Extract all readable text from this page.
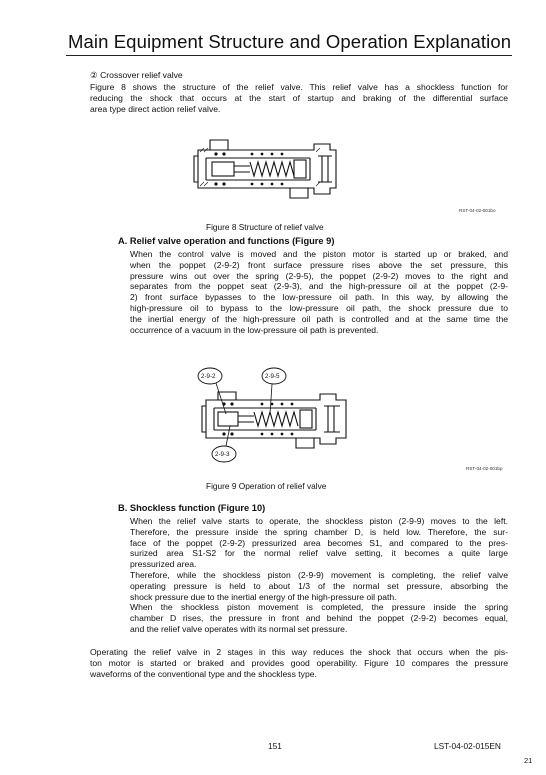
Main Equipment Structure and Operation Explanation
② Crossover relief valve

Figure 8 shows the structure of the relief valve. This relief valve has a shockless function for

reducing the shock that occurs at the start of startup and braking of the differential surface

area type direct action relief valve.

RST-04-02-001bo
Figure 8 Structure of relief valve
A. Relief valve operation and functions (Figure 9)

When the control valve is moved and the piston motor is started up or braked, and

when the poppet (2-9-2) front surface pressure rises above the set pressure, this

pressure wins out over the spring (2-9-5), the poppet (2-9-2) moves to the right and

separates from the poppet seat (2-9-3), and the high-pressure oil at the poppet (2-9-

2) front surface bypasses to the low-pressure oil path. In this way, by allowing the

high-pressure oil to bypass to the low-pressure oil path, the shock pressure due to

the inertial energy of the high-pressure oil path is controlled and at the same time the

occurrence of a vacuum in the low-pressure oil path is prevented.

2-9-2	2-9-5
2-9-3
RST-04-02-001bp
Figure 9 Operation of relief valve
B. Shockless function (Figure 10)

When the relief valve starts to operate, the shockless piston (2-9-9) moves to the left.

Therefore, the pressure inside the spring chamber D, is held low. Therefore, the sur-

face of the poppet (2-9-2) pressurized area becomes S1, and compared to the pres-

surized area S1-S2 for the normal relief valve setting, it becomes a quite large

pressurized area.

Therefore, while the shockless piston (2-9-9) movement is completing, the relief valve

operating pressure is held to about 1/3 of the normal set pressure, absorbing the

shock pressure due to the inertial energy of the high-pressure oil path.

When the shockless piston movement is completed, the pressure inside the spring

chamber D rises, the pressure in front and behind the poppet (2-9-2) becomes equal,

and the relief valve operates with its normal set pressure.

Operating the relief valve in 2 stages in this way reduces the shock that occurs when the pis-

ton motor is started or braked and provides good operability. Figure 10 compares the pressure

waveforms of the conventional type and the shockless type.

151	LST-04-02-015EN
21
